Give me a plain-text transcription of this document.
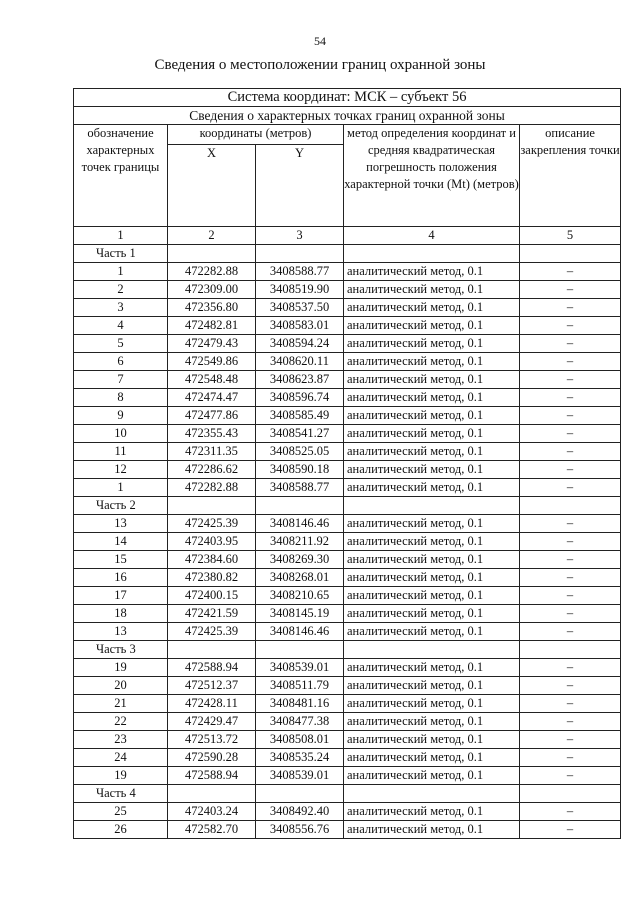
54
Сведения о местоположении границ охранной зоны
Система координат: МСК – субъект 56				
Сведения о характерных точках границ охранной зоны				
обозначение характерных точек границы	координаты (метров)		метод определения координат и средняя квадратическая погрешность положения характерной точки (Mt) (метров)	описание закрепления точки
	X	Y		
1	2	3	4	5
Часть 1				
1	472282.88	3408588.77	аналитический метод, 0.1	–
2	472309.00	3408519.90	аналитический метод, 0.1	–
3	472356.80	3408537.50	аналитический метод, 0.1	–
4	472482.81	3408583.01	аналитический метод, 0.1	–
5	472479.43	3408594.24	аналитический метод, 0.1	–
6	472549.86	3408620.11	аналитический метод, 0.1	–
7	472548.48	3408623.87	аналитический метод, 0.1	–
8	472474.47	3408596.74	аналитический метод, 0.1	–
9	472477.86	3408585.49	аналитический метод, 0.1	–
10	472355.43	3408541.27	аналитический метод, 0.1	–
11	472311.35	3408525.05	аналитический метод, 0.1	–
12	472286.62	3408590.18	аналитический метод, 0.1	–
1	472282.88	3408588.77	аналитический метод, 0.1	–
Часть 2				
13	472425.39	3408146.46	аналитический метод, 0.1	–
14	472403.95	3408211.92	аналитический метод, 0.1	–
15	472384.60	3408269.30	аналитический метод, 0.1	–
16	472380.82	3408268.01	аналитический метод, 0.1	–
17	472400.15	3408210.65	аналитический метод, 0.1	–
18	472421.59	3408145.19	аналитический метод, 0.1	–
13	472425.39	3408146.46	аналитический метод, 0.1	–
Часть 3				
19	472588.94	3408539.01	аналитический метод, 0.1	–
20	472512.37	3408511.79	аналитический метод, 0.1	–
21	472428.11	3408481.16	аналитический метод, 0.1	–
22	472429.47	3408477.38	аналитический метод, 0.1	–
23	472513.72	3408508.01	аналитический метод, 0.1	–
24	472590.28	3408535.24	аналитический метод, 0.1	–
19	472588.94	3408539.01	аналитический метод, 0.1	–
Часть 4				
25	472403.24	3408492.40	аналитический метод, 0.1	–
26	472582.70	3408556.76	аналитический метод, 0.1	–
